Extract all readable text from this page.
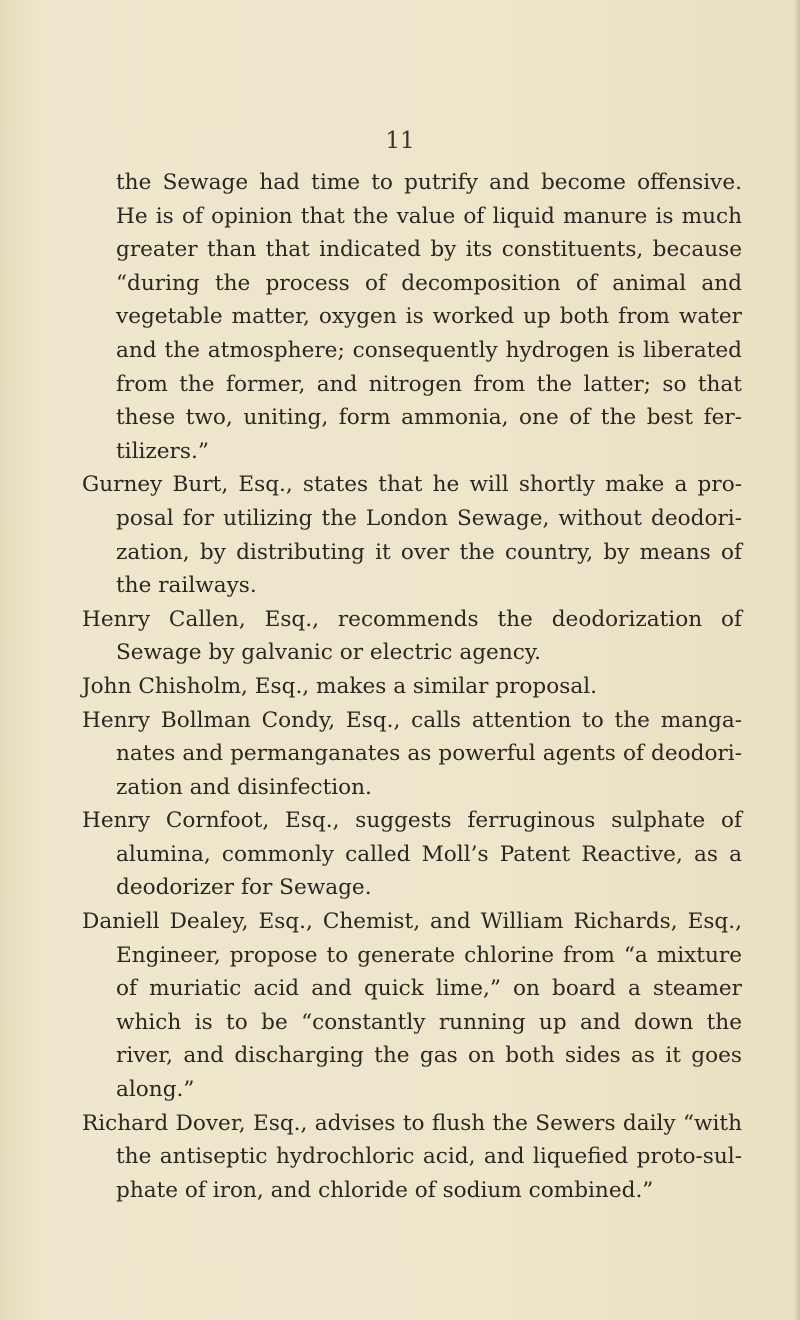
11

the Sewage had time to putrify and become offensive. He is of opinion that the value of liquid manure is much greater than that indicated by its constituents, because “during the process of decomposition of animal and vegetable matter, oxygen is worked up both from water and the atmosphere; consequently hydrogen is liberated from the former, and nitrogen from the latter; so that these two, uniting, form ammonia, one of the best fer-tilizers.”

Gurney Burt, Esq., states that he will shortly make a pro-posal for utilizing the London Sewage, without deodori-zation, by distributing it over the country, by means of the railways.

Henry Callen, Esq., recommends the deodorization of Sewage by galvanic or electric agency.

John Chisholm, Esq., makes a similar proposal.

Henry Bollman Condy, Esq., calls attention to the manga-nates and permanganates as powerful agents of deodori-zation and disinfection.

Henry Cornfoot, Esq., suggests ferruginous sulphate of alumina, commonly called Moll’s Patent Reactive, as a deodorizer for Sewage.

Daniell Dealey, Esq., Chemist, and William Richards, Esq., Engineer, propose to generate chlorine from “a mixture of muriatic acid and quick lime,” on board a steamer which is to be “constantly running up and down the river, and discharging the gas on both sides as it goes along.”

Richard Dover, Esq., advises to flush the Sewers daily “with the antiseptic hydrochloric acid, and liquefied proto-sul-phate of iron, and chloride of sodium combined.”
